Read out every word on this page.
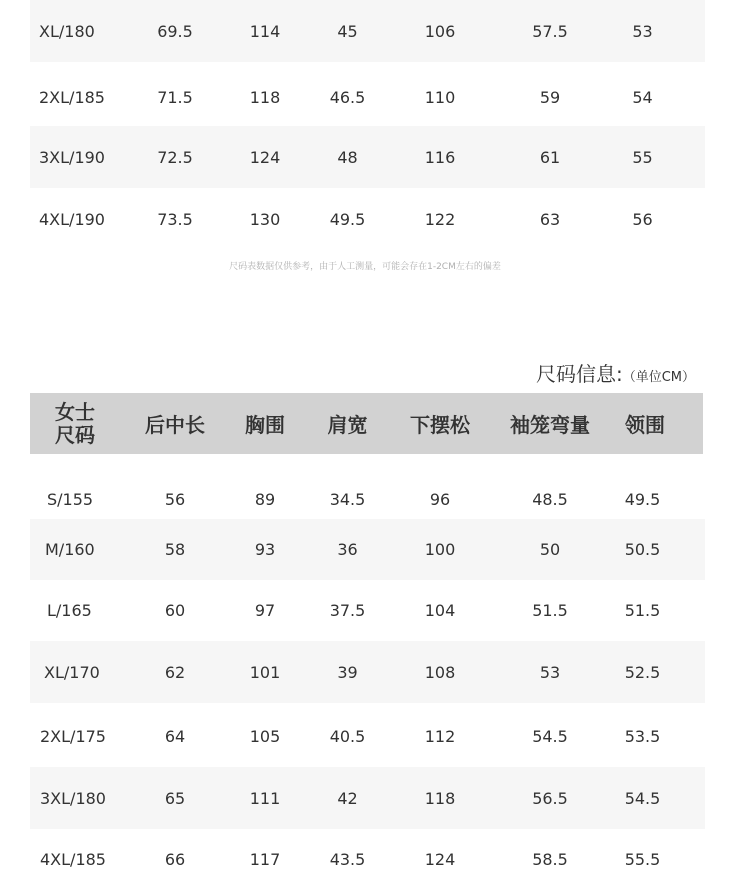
XL/180	69.5	114	45	106	57.5	53
2XL/185	71.5	118	46.5	110	59	54
3XL/190	72.5	124	48	116	61	55
4XL/190	73.5	130	49.5	122	63	56
尺码表数据仅供参考，由于人工测量，可能会存在1-2CM左右的偏差
尺码信息:（单位CM）
女士
尺码	后中长	胸围	肩宽	下摆松	袖笼弯量	领围
S/155	56	89	34.5	96	48.5	49.5
M/160	58	93	36	100	50	50.5
L/165	60	97	37.5	104	51.5	51.5
XL/170	62	101	39	108	53	52.5
2XL/175	64	105	40.5	112	54.5	53.5
3XL/180	65	111	42	118	56.5	54.5
4XL/185	66	117	43.5	124	58.5	55.5
